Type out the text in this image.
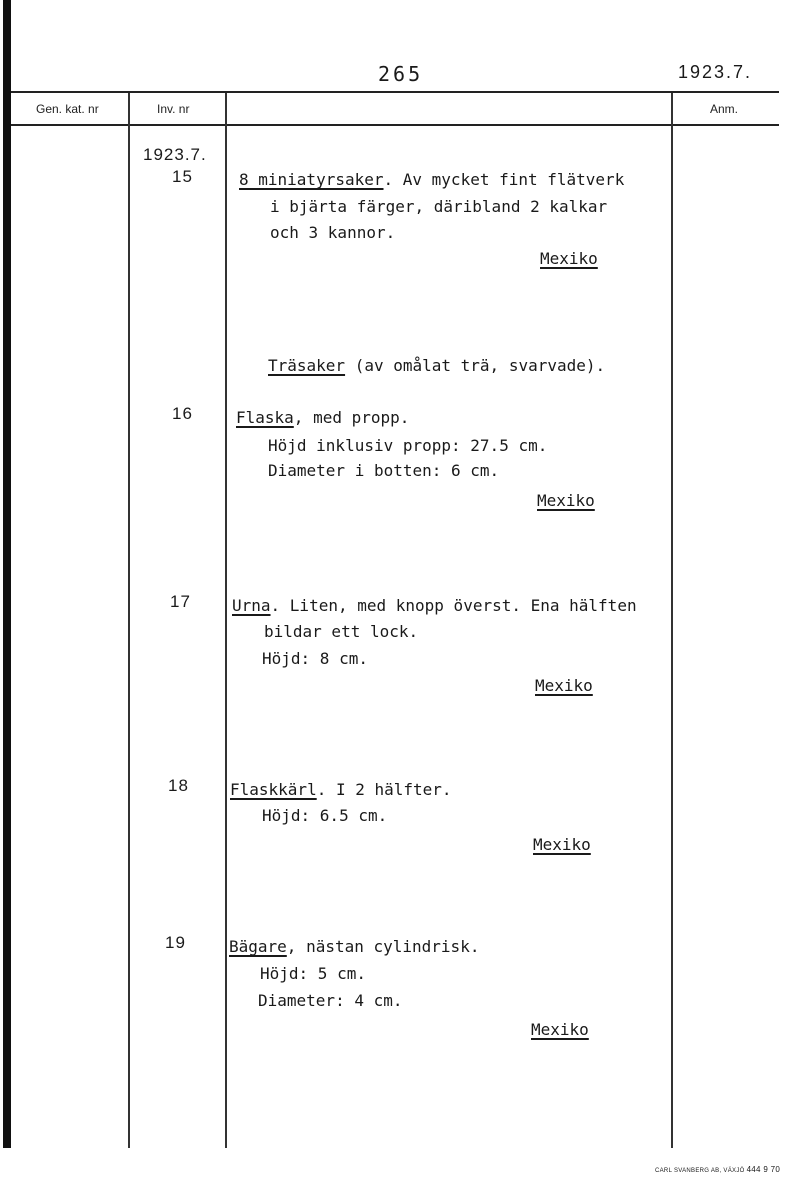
265	1923.7.
Gen. kat. nr	Inv. nr	Anm.
1923.7.
15	8 miniatyrsaker. Av mycket fint flätverk
i bjärta färger, däribland 2 kalkar
och 3 kannor.
Mexiko
Träsaker (av omålat trä, svarvade).
16	Flaska, med propp.
Höjd inklusiv propp: 27.5 cm.
Diameter i botten: 6 cm.
Mexiko
17	Urna. Liten, med knopp överst. Ena hälften
bildar ett lock.
Höjd: 8 cm.
Mexiko
18	Flaskkärl. I 2 hälfter.
Höjd: 6.5 cm.
Mexiko
19	Bägare, nästan cylindrisk.
Höjd: 5 cm.
Diameter: 4 cm.
Mexiko
CARL SVANBERG AB, VÄXJÖ 444 9 70
